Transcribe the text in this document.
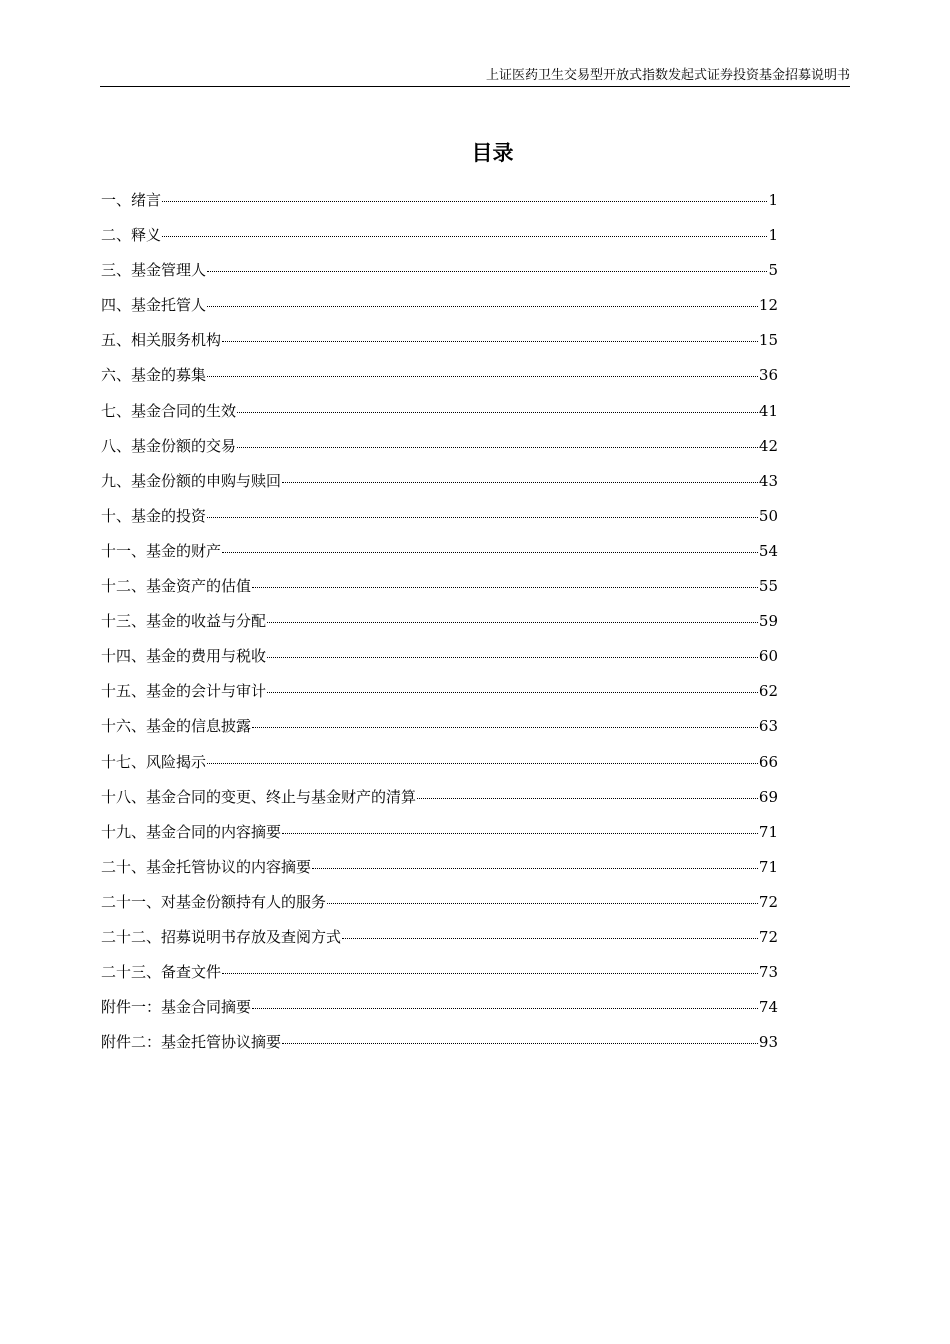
上证医药卫生交易型开放式指数发起式证券投资基金招募说明书
目录
一、绪言	1
二、释义	1
三、基金管理人	5
四、基金托管人	12
五、相关服务机构	15
六、基金的募集	36
七、基金合同的生效	41
八、基金份额的交易	42
九、基金份额的申购与赎回	43
十、基金的投资	50
十一、基金的财产	54
十二、基金资产的估值	55
十三、基金的收益与分配	59
十四、基金的费用与税收	60
十五、基金的会计与审计	62
十六、基金的信息披露	63
十七、风险揭示	66
十八、基金合同的变更、终止与基金财产的清算	69
十九、基金合同的内容摘要	71
二十、基金托管协议的内容摘要	71
二十一、对基金份额持有人的服务	72
二十二、招募说明书存放及查阅方式	72
二十三、备查文件	73
附件一：基金合同摘要	74
附件二：基金托管协议摘要	93
